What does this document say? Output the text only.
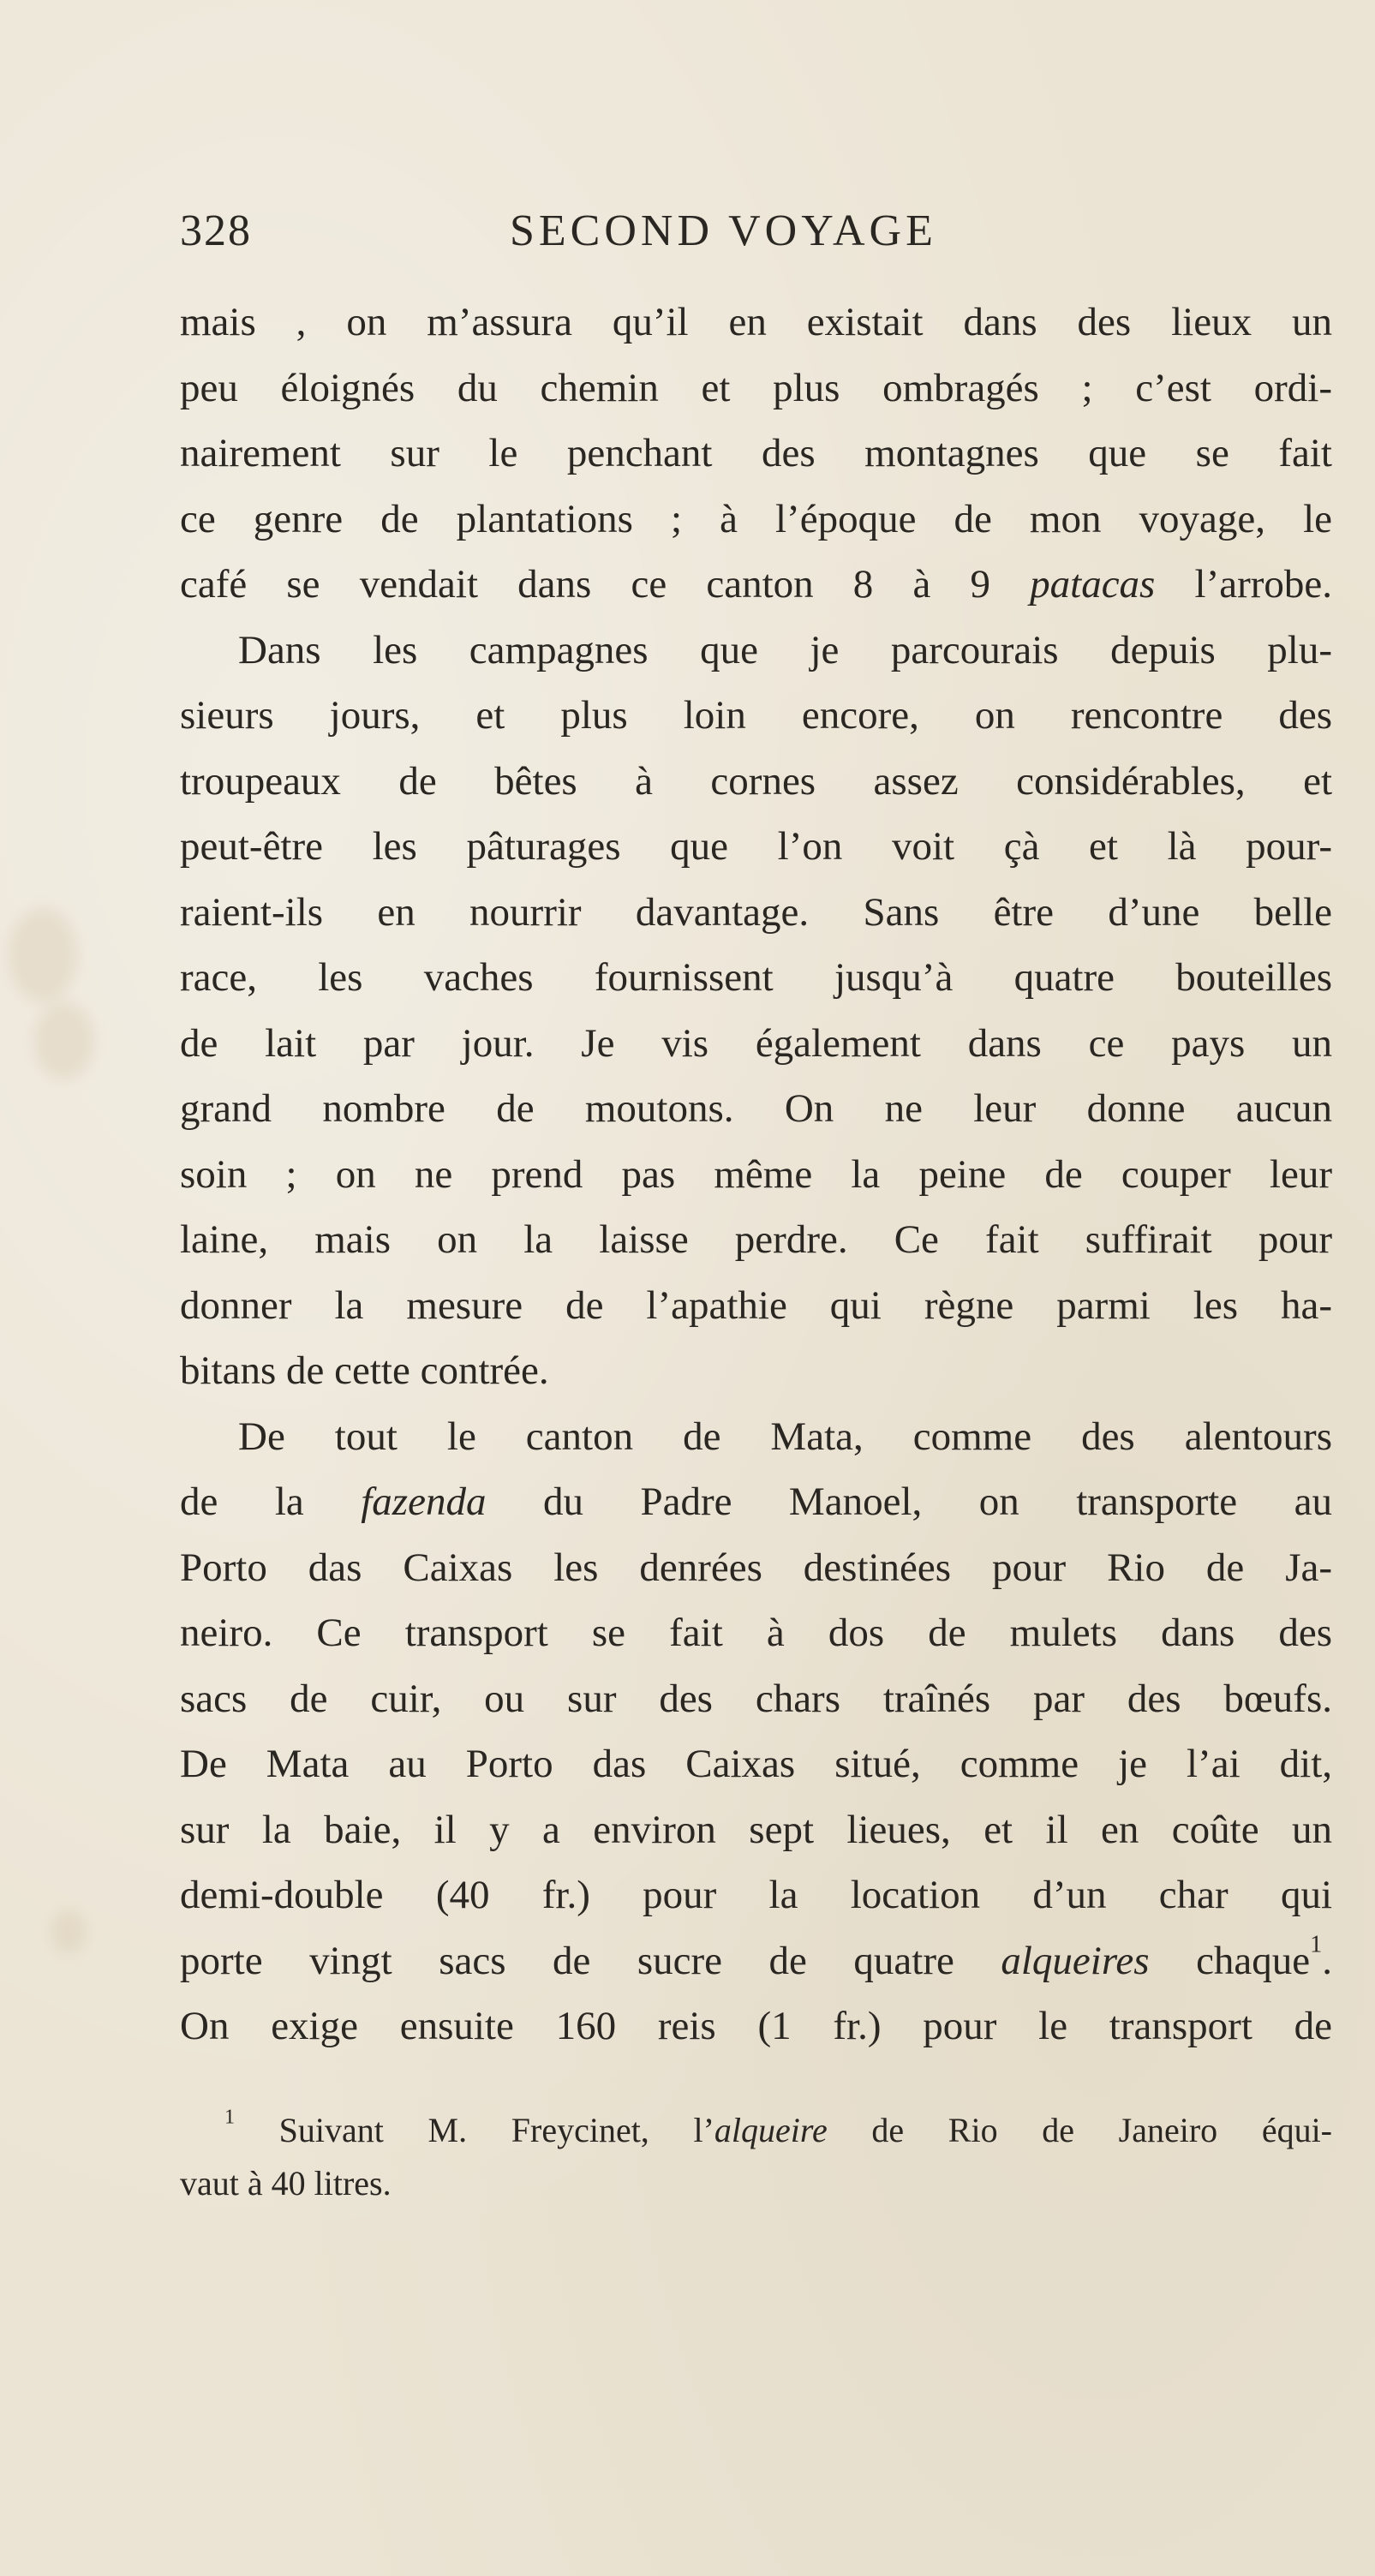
328	SECOND VOYAGE
mais , on m’assura qu’il en existait dans des lieux un
peu éloignés du chemin et plus ombragés ; c’est ordi-
nairement sur le penchant des montagnes que se fait
ce genre de plantations ; à l’époque de mon voyage, le
café se vendait dans ce canton 8 à 9 patacas l’arrobe.
Dans les campagnes que je parcourais depuis plu-
sieurs jours, et plus loin encore, on rencontre des
troupeaux de bêtes à cornes assez considérables, et
peut-être les pâturages que l’on voit çà et là pour-
raient-ils en nourrir davantage. Sans être d’une belle
race, les vaches fournissent jusqu’à quatre bouteilles
de lait par jour. Je vis également dans ce pays un
grand nombre de moutons. On ne leur donne aucun
soin ; on ne prend pas même la peine de couper leur
laine, mais on la laisse perdre. Ce fait suffirait pour
donner la mesure de l’apathie qui règne parmi les ha-
bitans de cette contrée.
De tout le canton de Mata, comme des alentours
de la fazenda du Padre Manoel, on transporte au
Porto das Caixas les denrées destinées pour Rio de Ja-
neiro. Ce transport se fait à dos de mulets dans des
sacs de cuir, ou sur des chars traînés par des bœufs.
De Mata au Porto das Caixas situé, comme je l’ai dit,
sur la baie, il y a environ sept lieues, et il en coûte un
demi-double (40 fr.) pour la location d’un char qui
porte vingt sacs de sucre de quatre alqueires chaque$^1$.
On exige ensuite 160 reis (1 fr.) pour le transport de
$^1$ Suivant M. Freycinet, l’alqueire de Rio de Janeiro équi-
vaut à 40 litres.
